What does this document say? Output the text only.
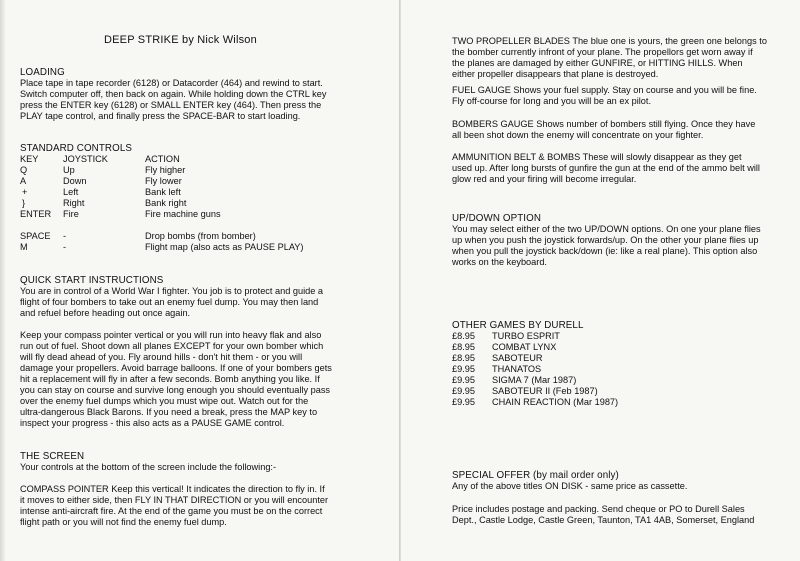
DEEP STRIKE by Nick Wilson
LOADING
Place tape in tape recorder (6128) or Datacorder (464) and rewind to start.
Switch computer off, then back on again. While holding down the CTRL key
press the ENTER key (6128) or SMALL ENTER key (464). Then press the
PLAY tape control, and finally press the SPACE-BAR to start loading.
STANDARD CONTROLS
KEY	JOYSTICK	ACTION
Q	Up	Fly higher
A	Down	Fly lower
+	Left	Bank left
}	Right	Bank right
ENTER Fire	Fire machine guns
SPACE -	Drop bombs (from bomber)
M	-	Flight map (also acts as PAUSE PLAY)
QUICK START INSTRUCTIONS
You are in control of a World War I fighter. You job is to protect and guide a
flight of four bombers to take out an enemy fuel dump. You may then land
and refuel before heading out once again.
Keep your compass pointer vertical or you will run into heavy flak and also
run out of fuel. Shoot down all planes EXCEPT for your own bomber which
will fly dead ahead of you. Fly around hills - don't hit them - or you will
damage your propellers. Avoid barrage balloons. If one of your bombers gets
hit a replacement will fly in after a few seconds. Bomb anything you like. If
you can stay on course and survive long enough you should eventually pass
over the enemy fuel dumps which you must wipe out. Watch out for the
ultra-dangerous Black Barons. If you need a break, press the MAP key to
inspect your progress - this also acts as a PAUSE GAME control.
THE SCREEN
Your controls at the bottom of the screen include the following:-
COMPASS POINTER Keep this vertical! It indicates the direction to fly in. If
it moves to either side, then FLY IN THAT DIRECTION or you will encounter
intense anti-aircraft fire. At the end of the game you must be on the correct
flight path or you will not find the enemy fuel dump.
TWO PROPELLER BLADES The blue one is yours, the green one belongs to
the bomber currently infront of your plane. The propellors get worn away if
the planes are damaged by either GUNFIRE, or HITTING HILLS. When
either propeller disappears that plane is destroyed.
FUEL GAUGE Shows your fuel supply. Stay on course and you will be fine.
Fly off-course for long and you will be an ex pilot.
BOMBERS GAUGE Shows number of bombers still flying. Once they have
all been shot down the enemy will concentrate on your fighter.
AMMUNITION BELT & BOMBS These will slowly disappear as they get
used up. After long bursts of gunfire the gun at the end of the ammo belt will
glow red and your firing will become irregular.
UP/DOWN OPTION
You may select either of the two UP/DOWN options. On one your plane flies
up when you push the joystick forwards/up. On the other your plane flies up
when you pull the joystick back/down (ie: like a real plane). This option also
works on the keyboard.
OTHER GAMES BY DURELL
£8.95 TURBO ESPRIT
£8.95 COMBAT LYNX
£8.95 SABOTEUR
£9.95 THANATOS
£9.95 SIGMA 7 (Mar 1987)
£9.95 SABOTEUR II (Feb 1987)
£9.95 CHAIN REACTION (Mar 1987)
SPECIAL OFFER (by mail order only)
Any of the above titles ON DISK - same price as cassette.
Price includes postage and packing. Send cheque or PO to Durell Sales
Dept., Castle Lodge, Castle Green, Taunton, TA1 4AB, Somerset, England
